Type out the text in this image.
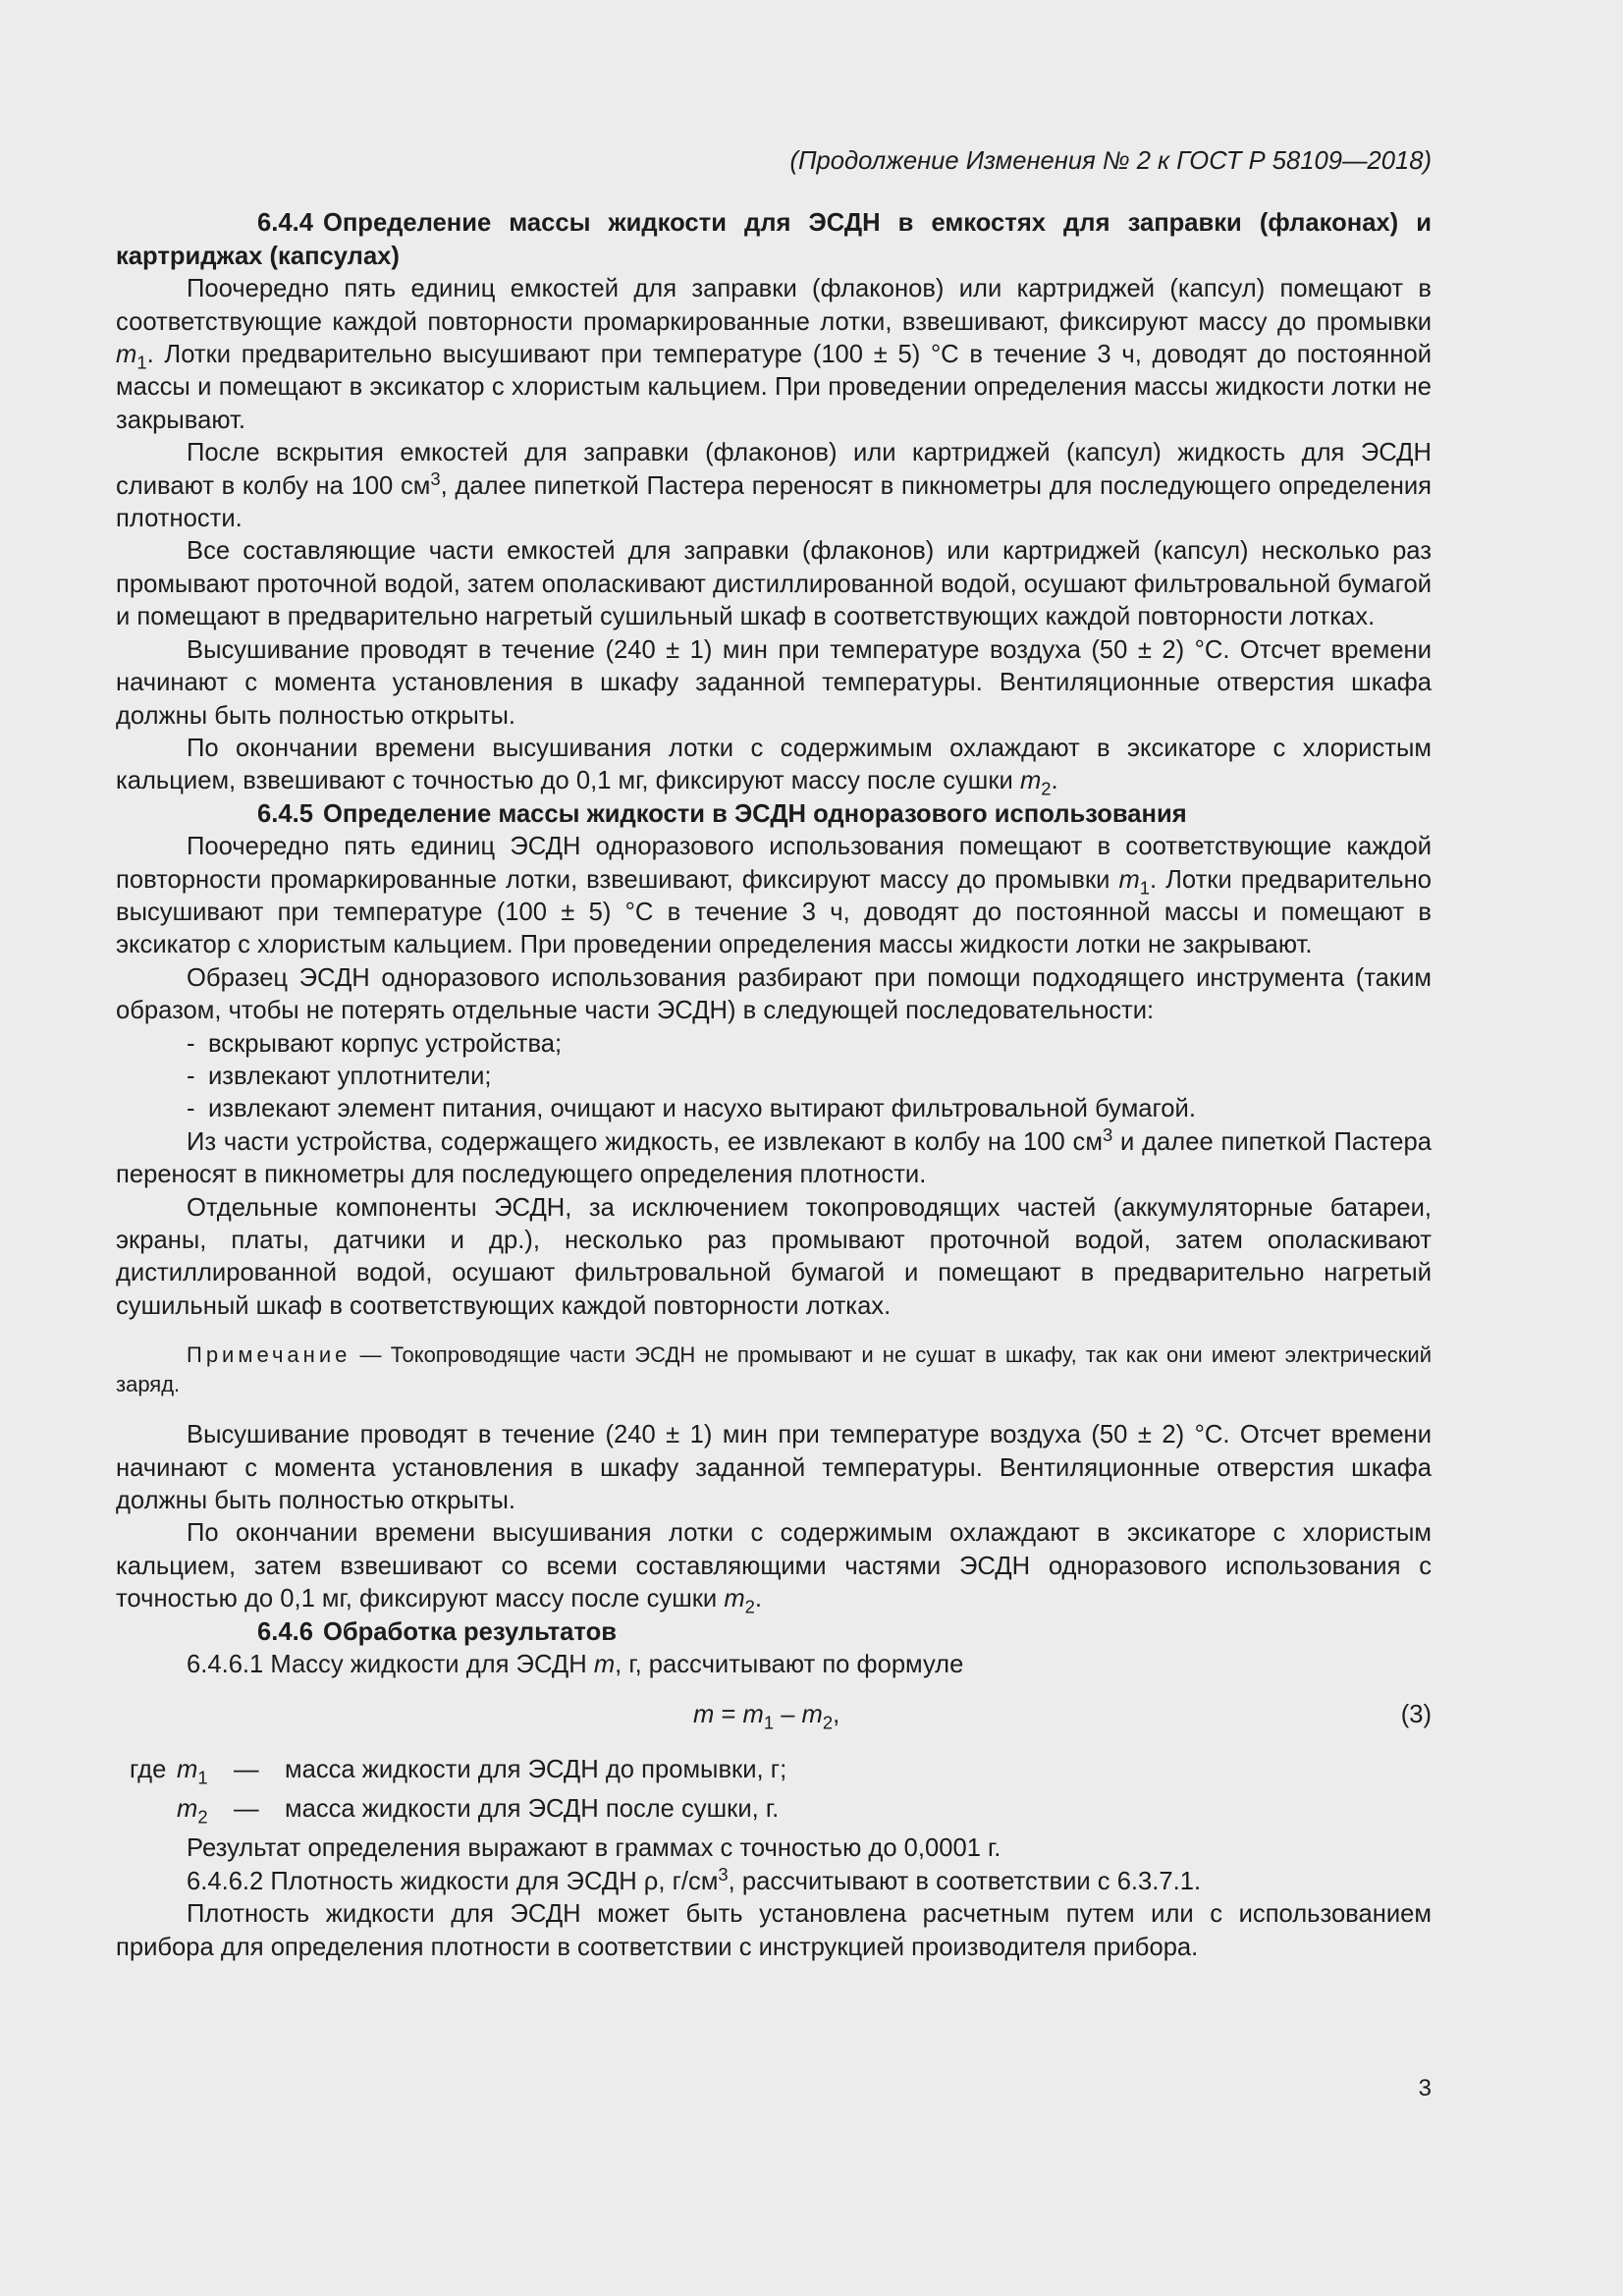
(Продолжение Изменения № 2 к ГОСТ Р 58109—2018)

6.4.4 Определение массы жидкости для ЭСДН в емкостях для заправки (флаконах) и картриджах (капсулах)

Поочередно пять единиц емкостей для заправки (флаконов) или картриджей (капсул) помещают в соответствующие каждой повторности промаркированные лотки, взвешивают, фиксируют массу до промывки $m_1$. Лотки предварительно высушивают при температуре (100 ± 5) °С в течение 3 ч, доводят до постоянной массы и помещают в эксикатор с хлористым кальцием. При проведении определения массы жидкости лотки не закрывают.

После вскрытия емкостей для заправки (флаконов) или картриджей (капсул) жидкость для ЭСДН сливают в колбу на 100 $см^3$, далее пипеткой Пастера переносят в пикнометры для последующего определения плотности.

Все составляющие части емкостей для заправки (флаконов) или картриджей (капсул) несколько раз промывают проточной водой, затем ополаскивают дистиллированной водой, осушают фильтровальной бумагой и помещают в предварительно нагретый сушильный шкаф в соответствующих каждой повторности лотках.

Высушивание проводят в течение (240 ± 1) мин при температуре воздуха (50 ± 2) °С. Отсчет времени начинают с момента установления в шкафу заданной температуры. Вентиляционные отверстия шкафа должны быть полностью открыты.

По окончании времени высушивания лотки с содержимым охлаждают в эксикаторе с хлористым кальцием, взвешивают с точностью до 0,1 мг, фиксируют массу после сушки $m_2$.

6.4.5 Определение массы жидкости в ЭСДН одноразового использования

Поочередно пять единиц ЭСДН одноразового использования помещают в соответствующие каждой повторности промаркированные лотки, взвешивают, фиксируют массу до промывки $m_1$. Лотки предварительно высушивают при температуре (100 ± 5) °С в течение 3 ч, доводят до постоянной массы и помещают в эксикатор с хлористым кальцием. При проведении определения массы жидкости лотки не закрывают.

Образец ЭСДН одноразового использования разбирают при помощи подходящего инструмента (таким образом, чтобы не потерять отдельные части ЭСДН) в следующей последовательности:

- вскрывают корпус устройства;

- извлекают уплотнители;

- извлекают элемент питания, очищают и насухо вытирают фильтровальной бумагой.

Из части устройства, содержащего жидкость, ее извлекают в колбу на 100 $см^3$ и далее пипеткой Пастера переносят в пикнометры для последующего определения плотности.

Отдельные компоненты ЭСДН, за исключением токопроводящих частей (аккумуляторные батареи, экраны, платы, датчики и др.), несколько раз промывают проточной водой, затем ополаскивают дистиллированной водой, осушают фильтровальной бумагой и помещают в предварительно нагретый сушильный шкаф в соответствующих каждой повторности лотках.

Примечание — Токопроводящие части ЭСДН не промывают и не сушат в шкафу, так как они имеют электрический заряд.

Высушивание проводят в течение (240 ± 1) мин при температуре воздуха (50 ± 2) °С. Отсчет времени начинают с момента установления в шкафу заданной температуры. Вентиляционные отверстия шкафа должны быть полностью открыты.

По окончании времени высушивания лотки с содержимым охлаждают в эксикаторе с хлористым кальцием, затем взвешивают со всеми составляющими частями ЭСДН одноразового использования с точностью до 0,1 мг, фиксируют массу после сушки $m_2$.

6.4.6 Обработка результатов

6.4.6.1 Массу жидкости для ЭСДН m, г, рассчитывают по формуле

$m = m_1 - m_2$,	(3)
где $m_1$ — масса жидкости для ЭСДН до промывки, г;
$m_2$ — масса жидкости для ЭСДН после сушки, г.

Результат определения выражают в граммах с точностью до 0,0001 г.

6.4.6.2 Плотность жидкости для ЭСДН ρ, $г/см^3$, рассчитывают в соответствии с 6.3.7.1.

Плотность жидкости для ЭСДН может быть установлена расчетным путем или с использованием прибора для определения плотности в соответствии с инструкцией производителя прибора.

3
